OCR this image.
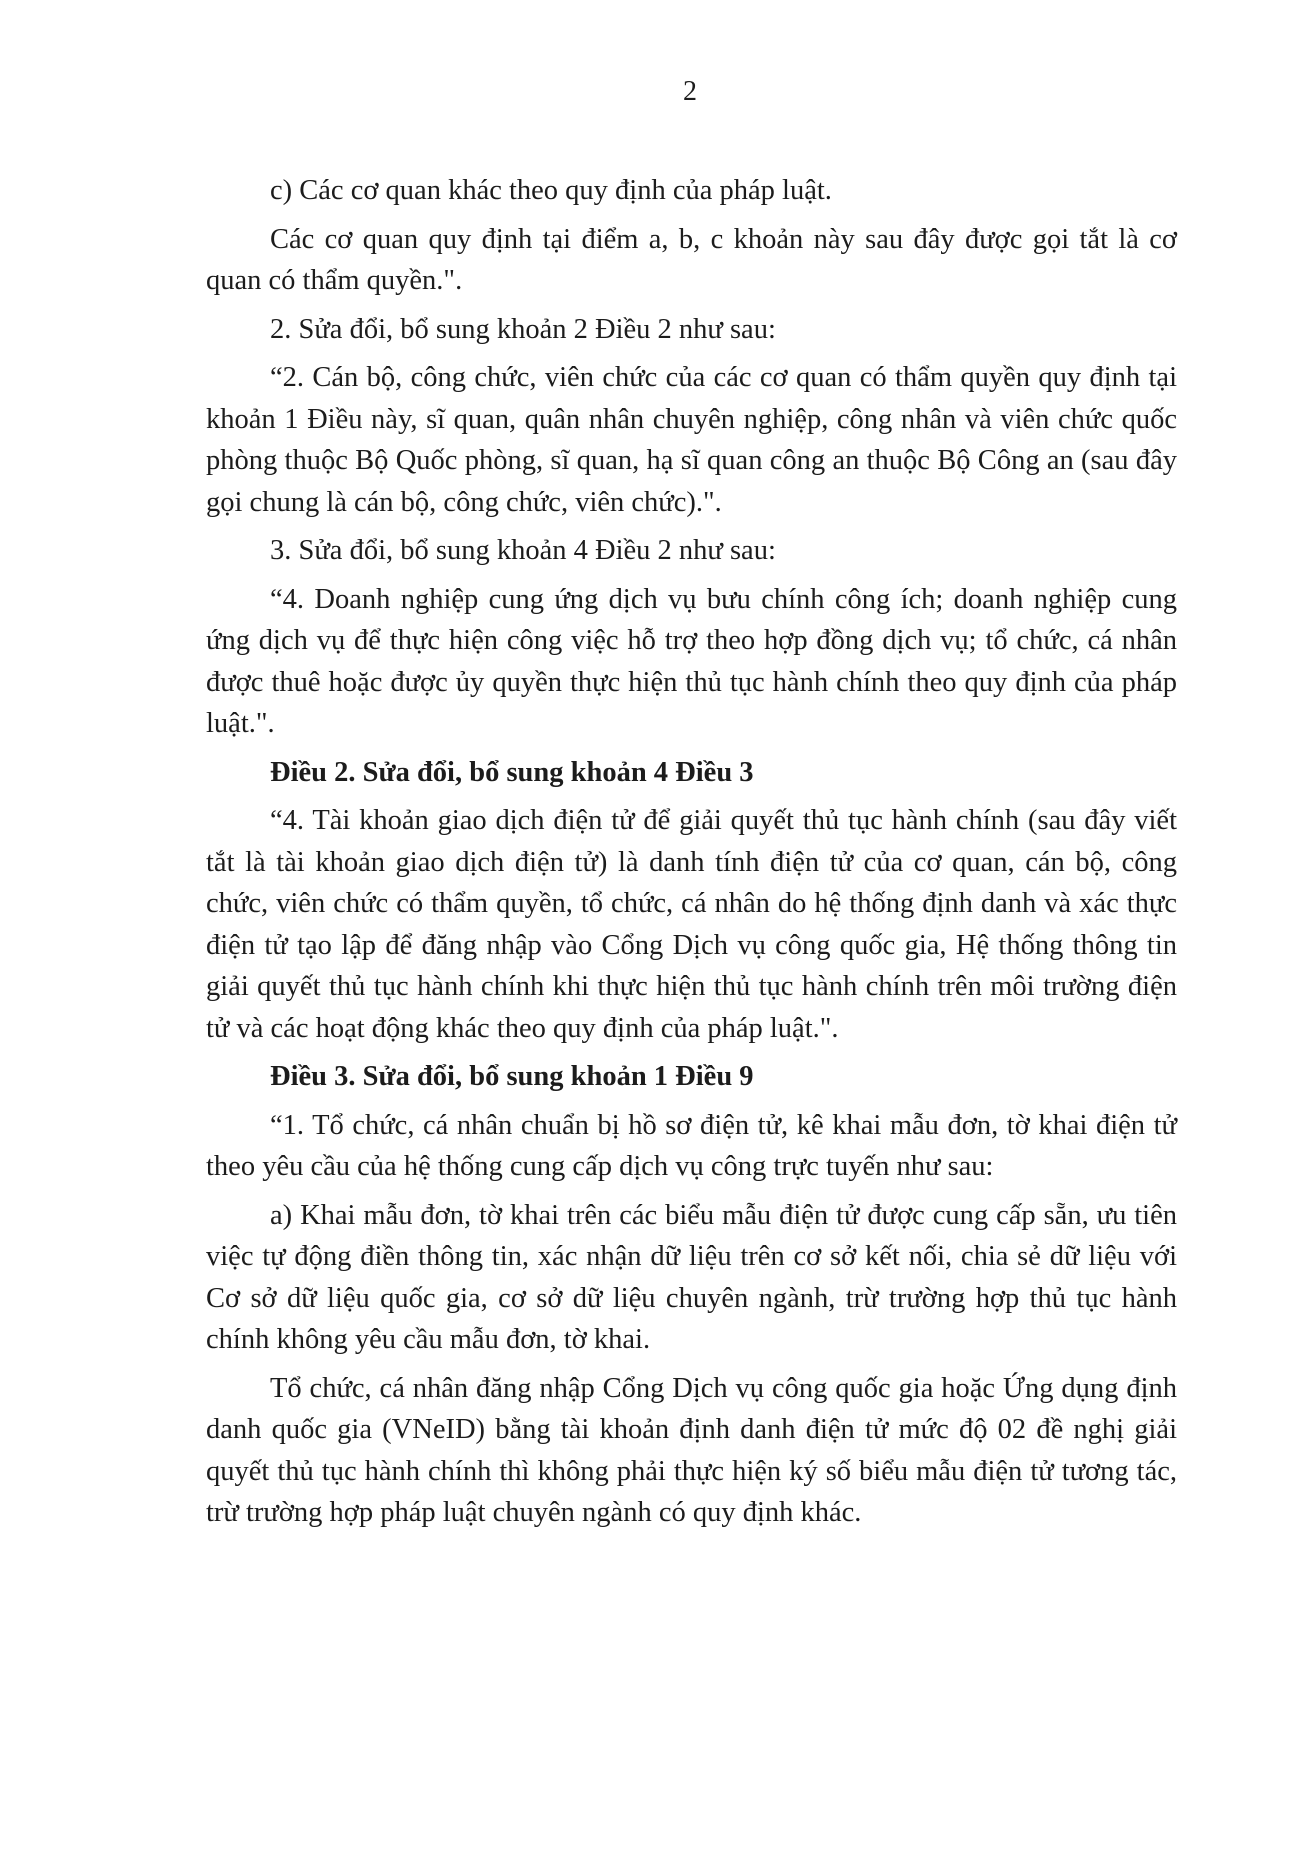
2

c) Các cơ quan khác theo quy định của pháp luật.

Các cơ quan quy định tại điểm a, b, c khoản này sau đây được gọi tắt là cơ quan có thẩm quyền.".

2. Sửa đổi, bổ sung khoản 2 Điều 2 như sau:

“2. Cán bộ, công chức, viên chức của các cơ quan có thẩm quyền quy định tại khoản 1 Điều này, sĩ quan, quân nhân chuyên nghiệp, công nhân và viên chức quốc phòng thuộc Bộ Quốc phòng, sĩ quan, hạ sĩ quan công an thuộc Bộ Công an (sau đây gọi chung là cán bộ, công chức, viên chức).".

3. Sửa đổi, bổ sung khoản 4 Điều 2 như sau:

“4. Doanh nghiệp cung ứng dịch vụ bưu chính công ích; doanh nghiệp cung ứng dịch vụ để thực hiện công việc hỗ trợ theo hợp đồng dịch vụ; tổ chức, cá nhân được thuê hoặc được ủy quyền thực hiện thủ tục hành chính theo quy định của pháp luật.".

Điều 2. Sửa đổi, bổ sung khoản 4 Điều 3

“4. Tài khoản giao dịch điện tử để giải quyết thủ tục hành chính (sau đây viết tắt là tài khoản giao dịch điện tử) là danh tính điện tử của cơ quan, cán bộ, công chức, viên chức có thẩm quyền, tổ chức, cá nhân do hệ thống định danh và xác thực điện tử tạo lập để đăng nhập vào Cổng Dịch vụ công quốc gia, Hệ thống thông tin giải quyết thủ tục hành chính khi thực hiện thủ tục hành chính trên môi trường điện tử và các hoạt động khác theo quy định của pháp luật.".

Điều 3. Sửa đổi, bổ sung khoản 1 Điều 9

“1. Tổ chức, cá nhân chuẩn bị hồ sơ điện tử, kê khai mẫu đơn, tờ khai điện tử theo yêu cầu của hệ thống cung cấp dịch vụ công trực tuyến như sau:

a) Khai mẫu đơn, tờ khai trên các biểu mẫu điện tử được cung cấp sẵn, ưu tiên việc tự động điền thông tin, xác nhận dữ liệu trên cơ sở kết nối, chia sẻ dữ liệu với Cơ sở dữ liệu quốc gia, cơ sở dữ liệu chuyên ngành, trừ trường hợp thủ tục hành chính không yêu cầu mẫu đơn, tờ khai.

Tổ chức, cá nhân đăng nhập Cổng Dịch vụ công quốc gia hoặc Ứng dụng định danh quốc gia (VNeID) bằng tài khoản định danh điện tử mức độ 02 đề nghị giải quyết thủ tục hành chính thì không phải thực hiện ký số biểu mẫu điện tử tương tác, trừ trường hợp pháp luật chuyên ngành có quy định khác.
